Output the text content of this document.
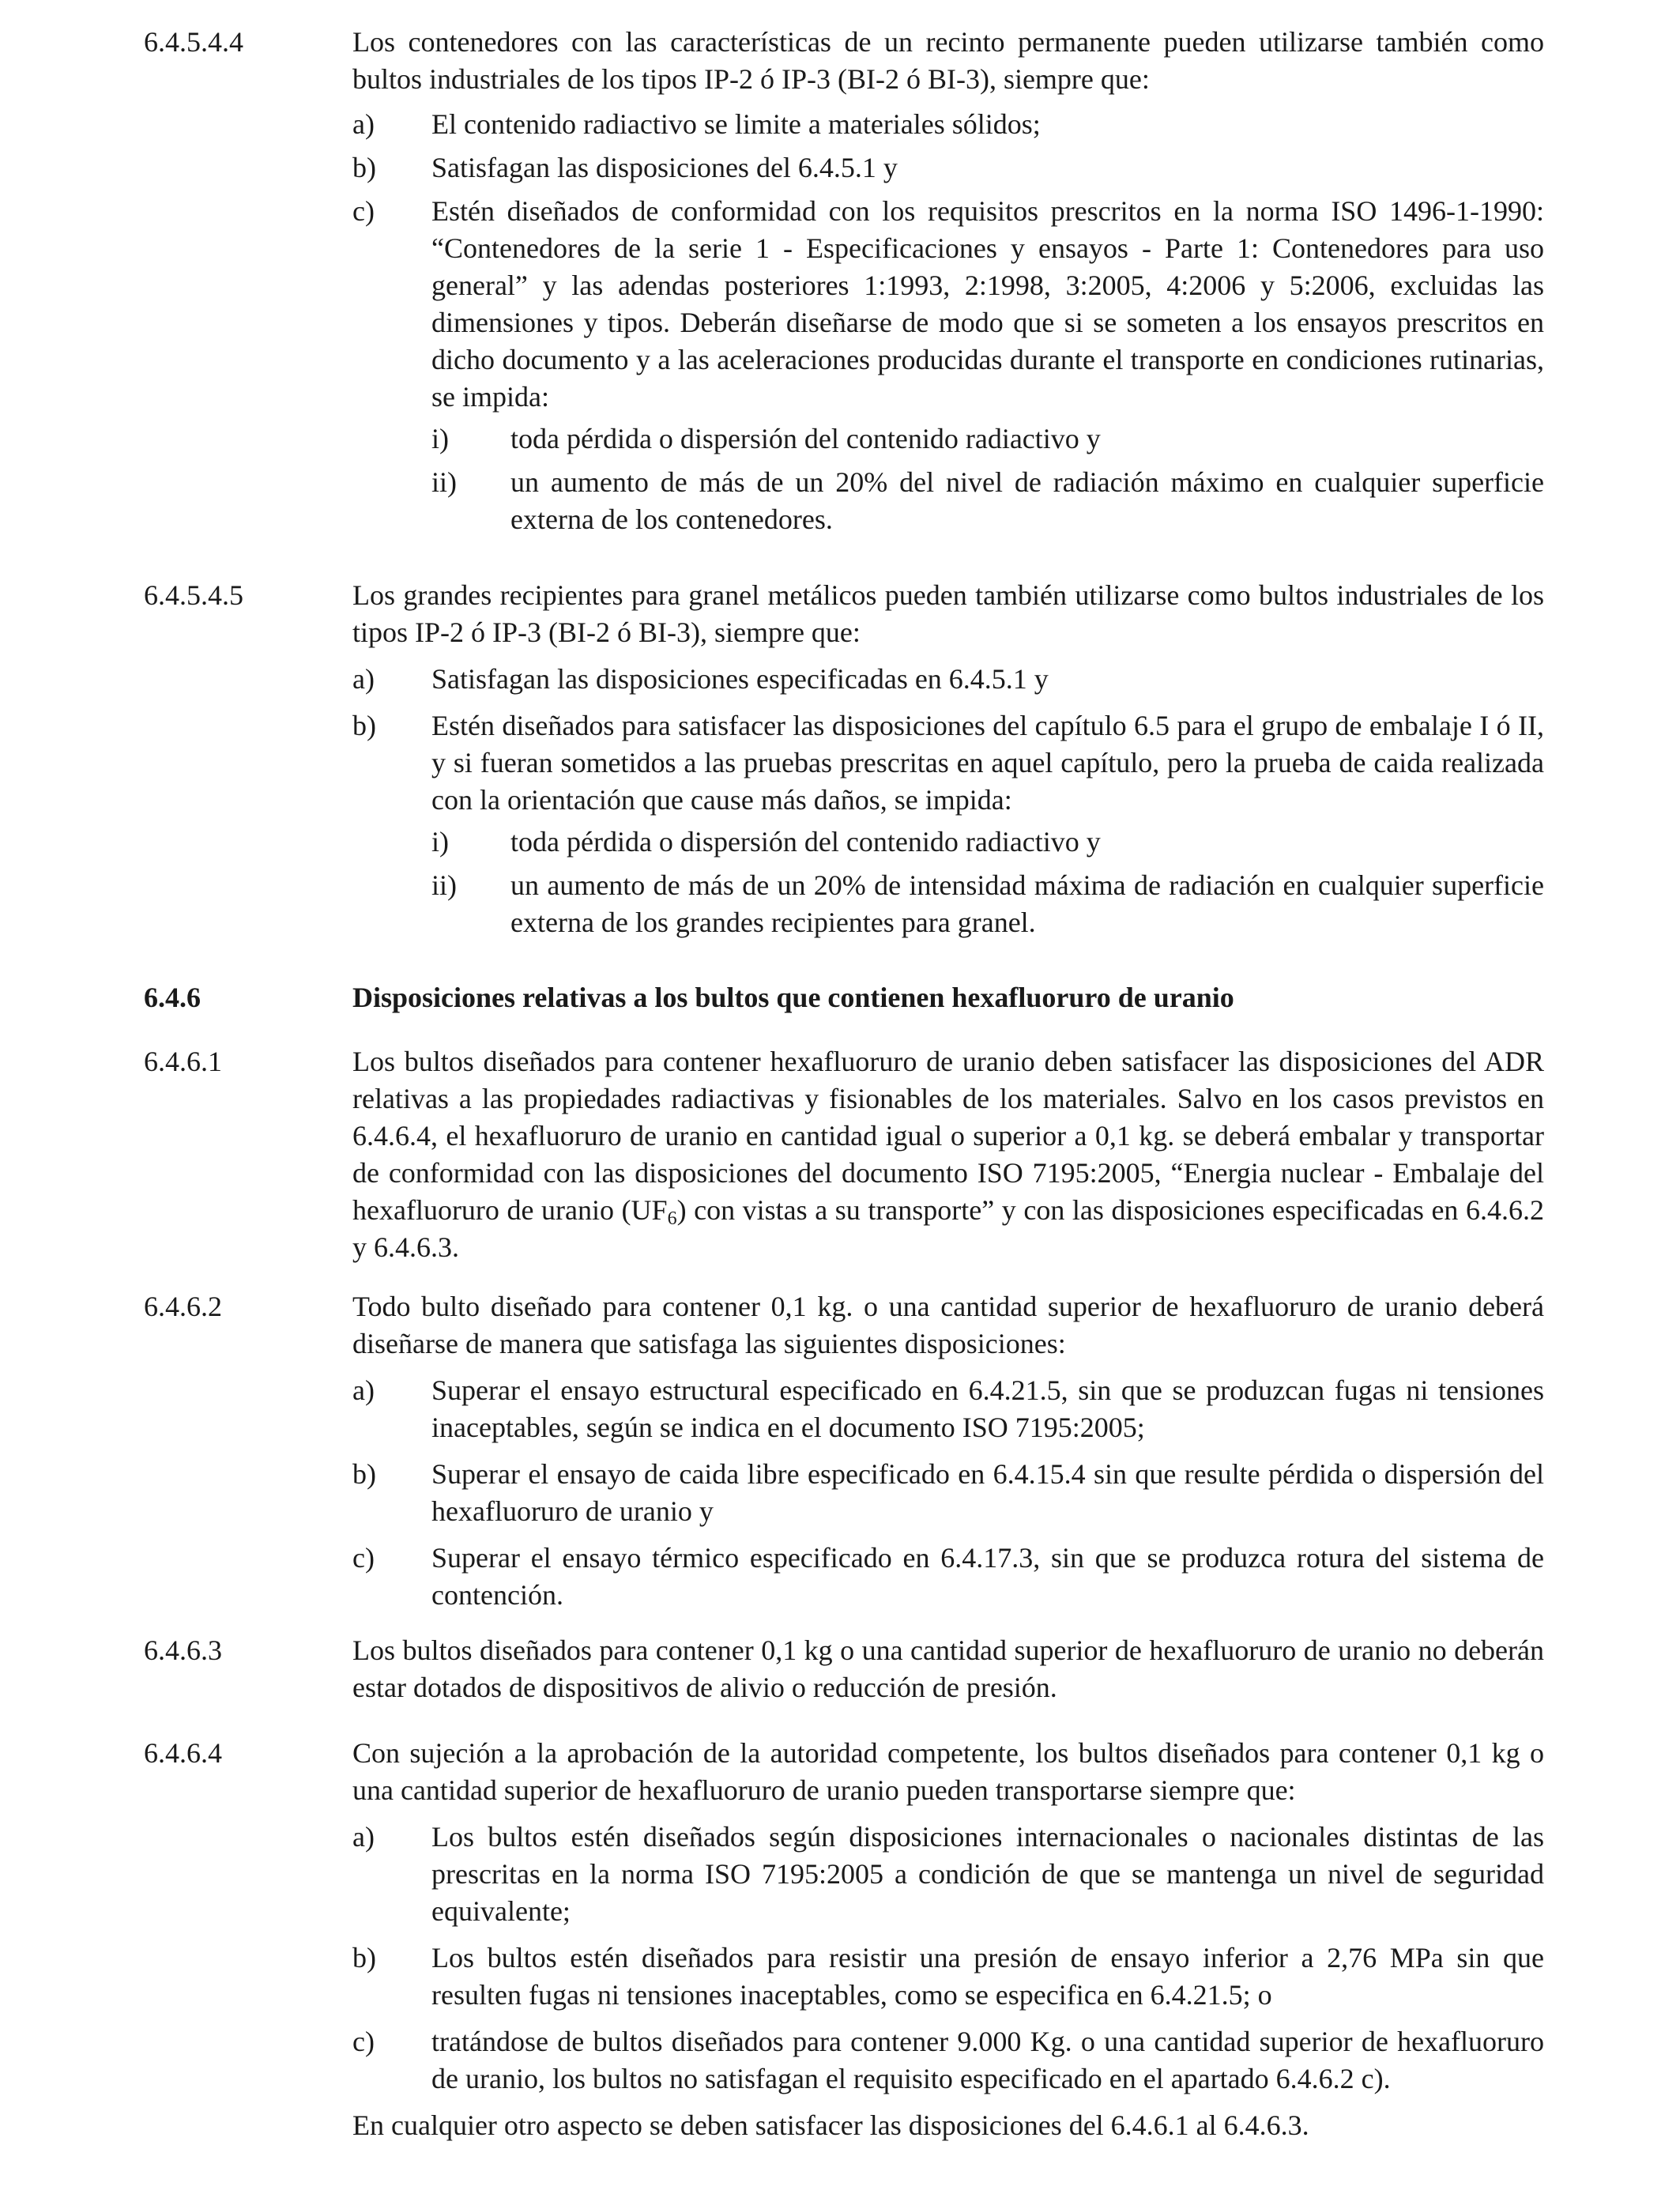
6.4.5.4.4	Los contenedores con las características de un recinto permanente pueden utilizarse también como bultos industriales de los tipos IP-2 ó IP-3 (BI-2 ó BI-3), siempre que:

a) El contenido radiactivo se limite a materiales sólidos;
b) Satisfagan las disposiciones del 6.4.5.1 y
c) Estén diseñados de conformidad con los requisitos prescritos en la norma ISO 1496-1-1990: “Contenedores de la serie 1 - Especificaciones y ensayos - Parte 1: Contenedores para uso general” y las adendas posteriores 1:1993, 2:1998, 3:2005, 4:2006 y 5:2006, excluidas las dimensiones y tipos. Deberán diseñarse de modo que si se someten a los ensayos prescritos en dicho documento y a las aceleraciones producidas durante el transporte en condiciones rutinarias, se impida:
i) toda pérdida o dispersión del contenido radiactivo y
ii) un aumento de más de un 20% del nivel de radiación máximo en cualquier superficie externa de los contenedores.
6.4.5.4.5	Los grandes recipientes para granel metálicos pueden también utilizarse como bultos industriales de los tipos IP-2 ó IP-3 (BI-2 ó BI-3), siempre que:

a) Satisfagan las disposiciones especificadas en 6.4.5.1 y
b) Estén diseñados para satisfacer las disposiciones del capítulo 6.5 para el grupo de embalaje I ó II, y si fueran sometidos a las pruebas prescritas en aquel capítulo, pero la prueba de caida realizada con la orientación que cause más daños, se impida:
i) toda pérdida o dispersión del contenido radiactivo y
ii) un aumento de más de un 20% de intensidad máxima de radiación en cualquier superficie externa de los grandes recipientes para granel.
6.4.6	Disposiciones relativas a los bultos que contienen hexafluoruro de uranio
6.4.6.1	Los bultos diseñados para contener hexafluoruro de uranio deben satisfacer las disposiciones del ADR relativas a las propiedades radiactivas y fisionables de los materiales. Salvo en los casos previstos en 6.4.6.4, el hexafluoruro de uranio en cantidad igual o superior a 0,1 kg. se deberá embalar y transportar de conformidad con las disposiciones del documento ISO 7195:2005, “Energia nuclear - Embalaje del hexafluoruro de uranio $(UF_6)$ con vistas a su transporte” y con las disposiciones especificadas en 6.4.6.2 y 6.4.6.3.

6.4.6.2	Todo bulto diseñado para contener 0,1 kg. o una cantidad superior de hexafluoruro de uranio deberá diseñarse de manera que satisfaga las siguientes disposiciones:

a) Superar el ensayo estructural especificado en 6.4.21.5, sin que se produzcan fugas ni tensiones inaceptables, según se indica en el documento ISO 7195:2005;
b) Superar el ensayo de caida libre especificado en 6.4.15.4 sin que resulte pérdida o dispersión del hexafluoruro de uranio y
c) Superar el ensayo térmico especificado en 6.4.17.3, sin que se produzca rotura del sistema de contención.
6.4.6.3	Los bultos diseñados para contener 0,1 kg o una cantidad superior de hexafluoruro de uranio no deberán estar dotados de dispositivos de alivio o reducción de presión.

6.4.6.4	Con sujeción a la aprobación de la autoridad competente, los bultos diseñados para contener 0,1 kg o una cantidad superior de hexafluoruro de uranio pueden transportarse siempre que:

a) Los bultos estén diseñados según disposiciones internacionales o nacionales distintas de las prescritas en la norma ISO 7195:2005 a condición de que se mantenga un nivel de seguridad equivalente;
b) Los bultos estén diseñados para resistir una presión de ensayo inferior a 2,76 MPa sin que resulten fugas ni tensiones inaceptables, como se especifica en 6.4.21.5; o
c) tratándose de bultos diseñados para contener 9.000 Kg. o una cantidad superior de hexafluoruro de uranio, los bultos no satisfagan el requisito especificado en el apartado 6.4.6.2 c).

En cualquier otro aspecto se deben satisfacer las disposiciones del 6.4.6.1 al 6.4.6.3.
